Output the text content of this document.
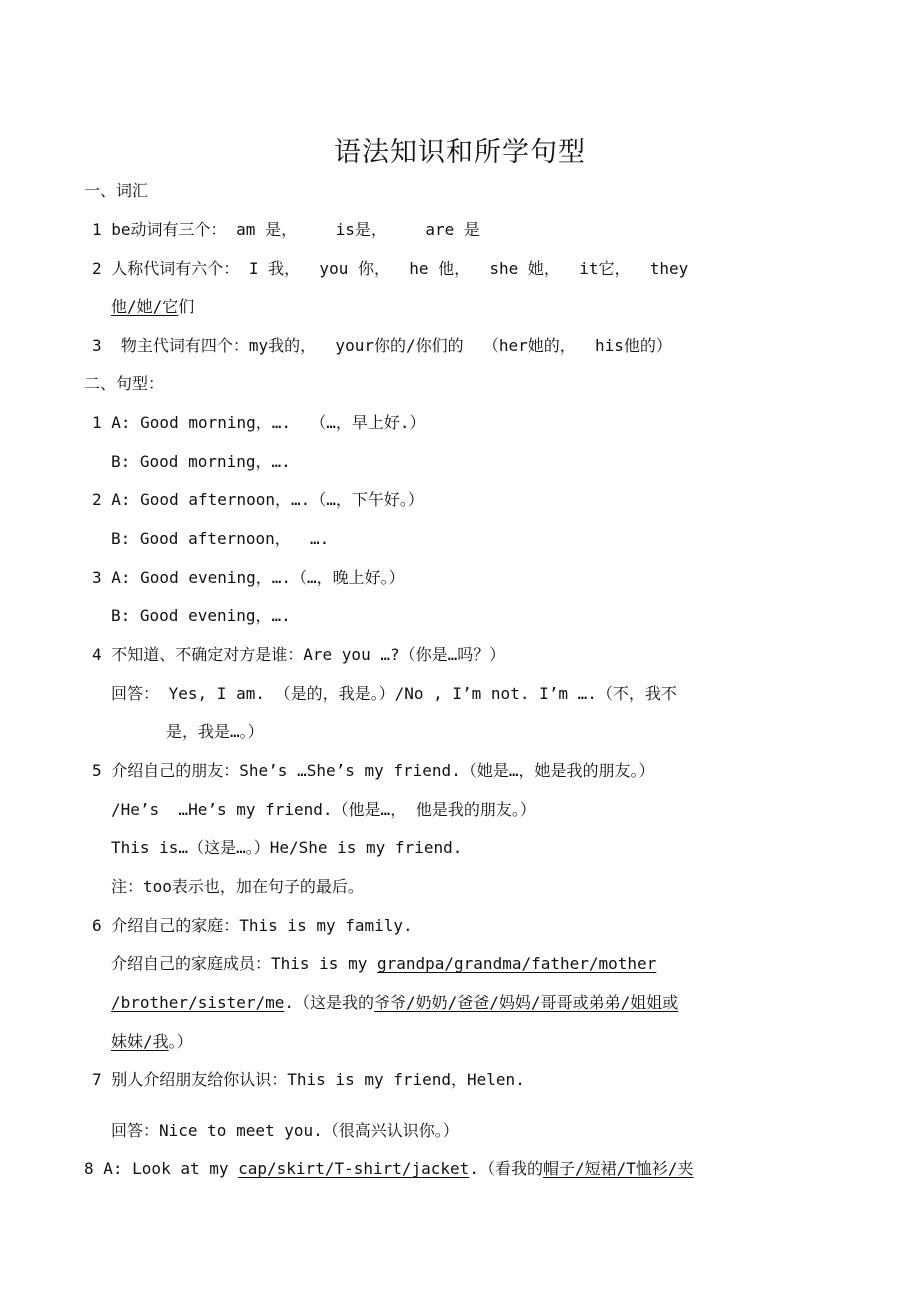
语法知识和所学句型
一、词汇
1 be动词有三个： am 是，    is是，    are 是
2 人称代词有六个： I 我，  you 你，  he 他，  she 她，  it它，  they
他/她/它们
3  物主代词有四个：my我的，  your你的/你们的  （her她的，  his他的）
二、句型：
1 A: Good morning，….  （…，早上好.）
B: Good morning，….
2 A: Good afternoon，….（…，下午好。）
B: Good afternoon，  ….
3 A: Good evening，….（…，晚上好。）
B: Good evening，….
4 不知道、不确定对方是谁：Are you …?（你是…吗？）
回答： Yes, I am. （是的，我是。）/No , I’m not. I’m ….（不，我不
是，我是…。）
5 介绍自己的朋友：She’s …She’s my friend.（她是…，她是我的朋友。）
/He’s  …He’s my friend.（他是…， 他是我的朋友。）
This is…（这是…。）He/She is my friend.
注：too表示也，加在句子的最后。
6 介绍自己的家庭：This is my family.
介绍自己的家庭成员：This is my grandpa/grandma/father/mother
/brother/sister/me.（这是我的爷爷/奶奶/爸爸/妈妈/哥哥或弟弟/姐姐或
妹妹/我。）
7 别人介绍朋友给你认识：This is my friend，Helen.
回答：Nice to meet you.（很高兴认识你。）
8 A: Look at my cap/skirt/T-shirt/jacket.（看我的帽子/短裙/T恤衫/夹
